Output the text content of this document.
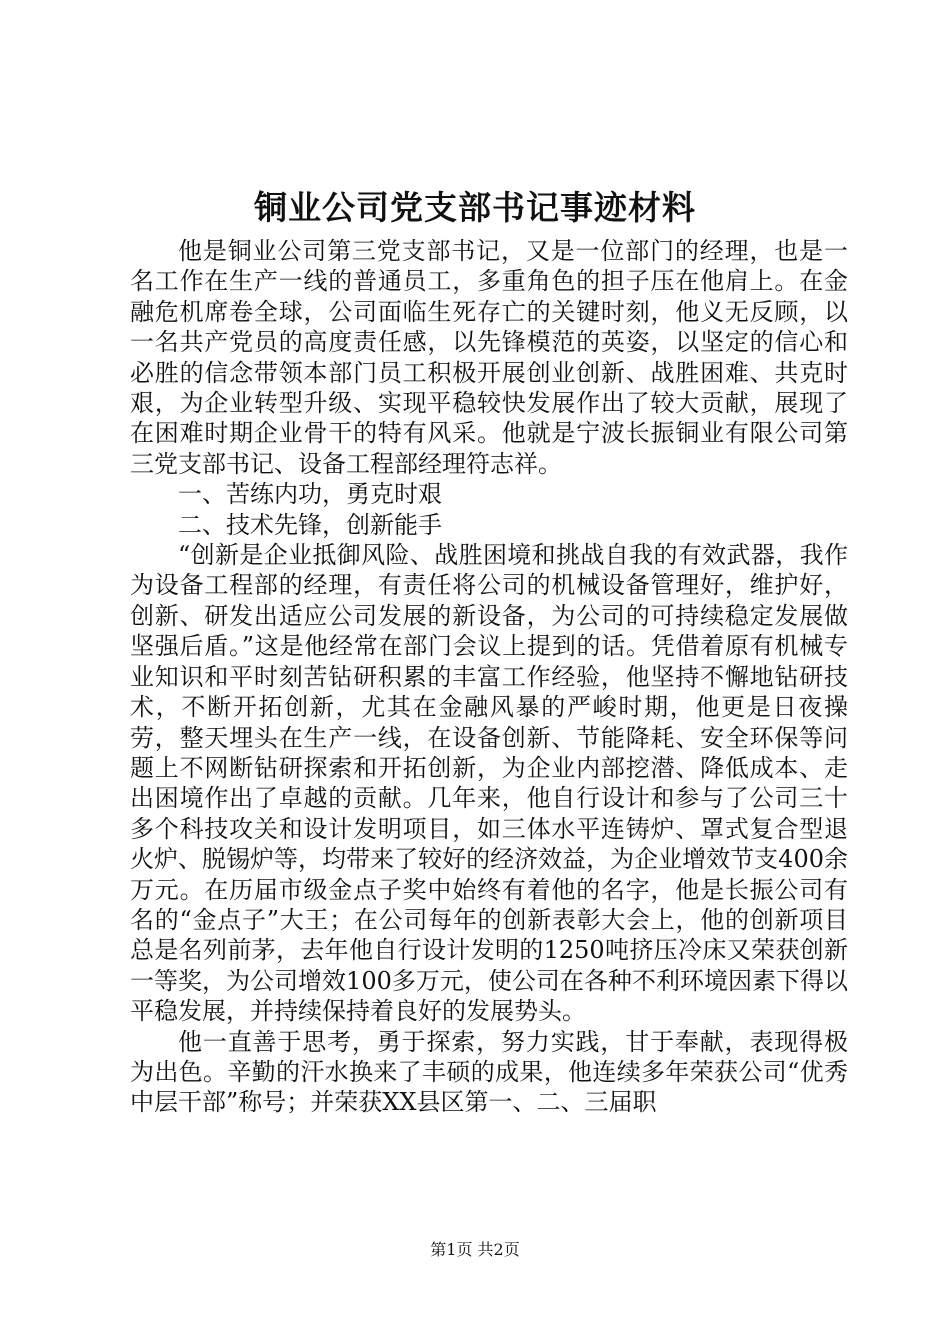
铜业公司党支部书记事迹材料

他是铜业公司第三党支部书记，又是一位部门的经理，也是一名工作在生产一线的普通员工，多重角色的担子压在他肩上。在金融危机席卷全球，公司面临生死存亡的关键时刻，他义无反顾，以一名共产党员的高度责任感，以先锋模范的英姿，以坚定的信心和必胜的信念带领本部门员工积极开展创业创新、战胜困难、共克时艰，为企业转型升级、实现平稳较快发展作出了较大贡献，展现了在困难时期企业骨干的特有风采。他就是宁波长振铜业有限公司第三党支部书记、设备工程部经理符志祥。

一、苦练内功，勇克时艰

二、技术先锋，创新能手

“创新是企业抵御风险、战胜困境和挑战自我的有效武器，我作为设备工程部的经理，有责任将公司的机械设备管理好，维护好，创新、研发出适应公司发展的新设备，为公司的可持续稳定发展做坚强后盾。”这是他经常在部门会议上提到的话。凭借着原有机械专业知识和平时刻苦钻研积累的丰富工作经验，他坚持不懈地钻研技术，不断开拓创新，尤其在金融风暴的严峻时期，他更是日夜操劳，整天埋头在生产一线，在设备创新、节能降耗、安全环保等问题上不网断钻研探索和开拓创新，为企业内部挖潜、降低成本、走出困境作出了卓越的贡献。几年来，他自行设计和参与了公司三十多个科技攻关和设计发明项目，如三体水平连铸炉、罩式复合型退火炉、脱锡炉等，均带来了较好的经济效益，为企业增效节支400余万元。在历届市级金点子奖中始终有着他的名字，他是长振公司有名的“金点子”大王；在公司每年的创新表彰大会上，他的创新项目总是名列前茅，去年他自行设计发明的1250吨挤压冷床又荣获创新一等奖，为公司增效100多万元，使公司在各种不利环境因素下得以平稳发展，并持续保持着良好的发展势头。

他一直善于思考，勇于探索，努力实践，甘于奉献，表现得极为出色。辛勤的汗水换来了丰硕的成果，他连续多年荣获公司“优秀中层干部”称号；并荣获XX县区第一、二、三届职

第1页 共2页
